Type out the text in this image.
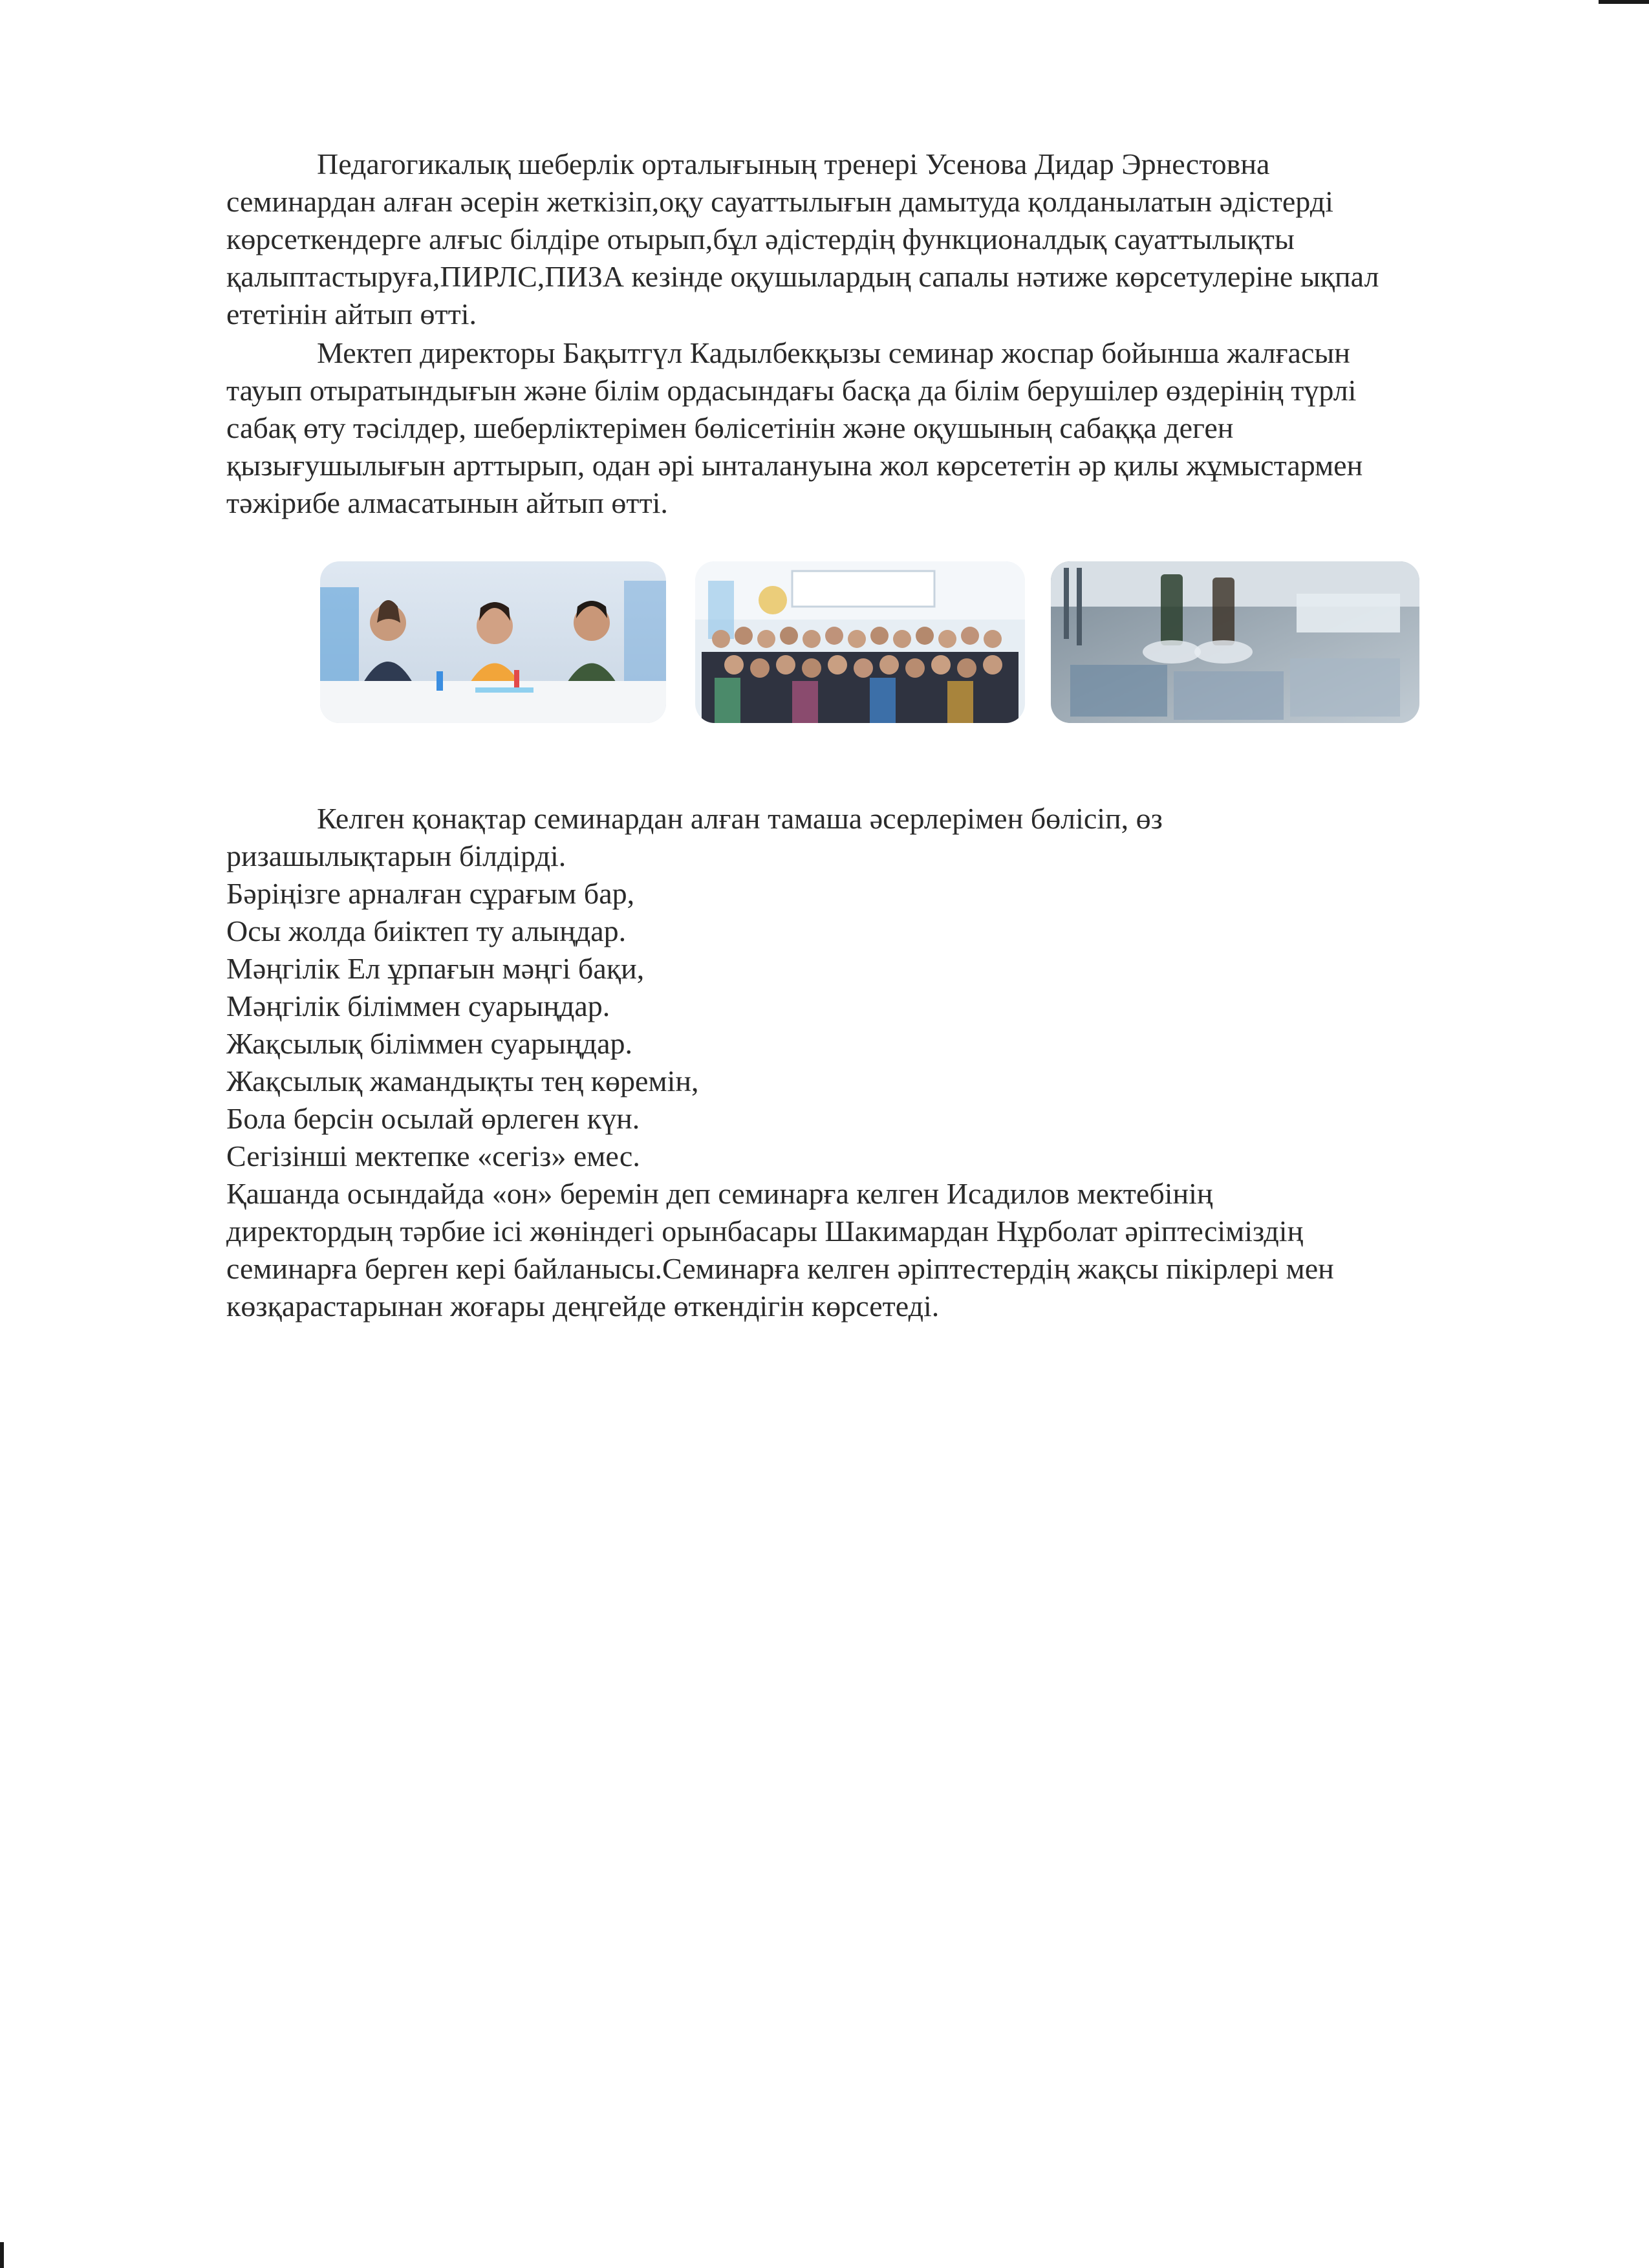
Педагогикалық шеберлік орталығының тренері Усенова Дидар Эрнестовна
семинардан алған әсерін жеткізіп,оқу сауаттылығын дамытуда қолданылатын әдістерді
көрсеткендерге алғыс білдіре отырып,бұл әдістердің функционалдық сауаттылықты
қалыптастыруға,ПИРЛС,ПИЗА кезінде оқушылардың сапалы нәтиже көрсетулеріне ықпал
ететінін айтып өтті.
Мектеп директоры Бақытгүл Кадылбекқызы семинар жоспар бойынша жалғасын
тауып отыратындығын және білім ордасындағы басқа да білім берушілер өздерінің түрлі
сабақ өту тәсілдер, шеберліктерімен бөлісетінін және оқушының сабаққа деген
қызығушылығын арттырып, одан әрі ынталануына жол көрсететін әр қилы жұмыстармен
тәжірибе алмасатынын айтып өтті.
Келген қонақтар семинардан алған тамаша әсерлерімен бөлісіп, өз
ризашылықтарын білдірді.
Бәріңізге арналған сұрағым бар,
Осы жолда биіктеп ту алыңдар.
Мәңгілік Ел ұрпағын мәңгі бақи,
Мәңгілік біліммен суарыңдар.
Жақсылық біліммен суарыңдар.
Жақсылық жамандықты тең көремін,
Бола берсін осылай өрлеген күн.
Сегізінші мектепке «сегіз» емес.
Қашанда осындайда «он» беремін деп семинарға келген Исадилов мектебінің
директордың тәрбие ісі жөніндегі орынбасары Шакимардан Нұрболат әріптесіміздің
семинарға берген кері байланысы.Семинарға келген әріптестердің жақсы пікірлері мен
көзқарастарынан жоғары деңгейде өткендігін көрсетеді.
